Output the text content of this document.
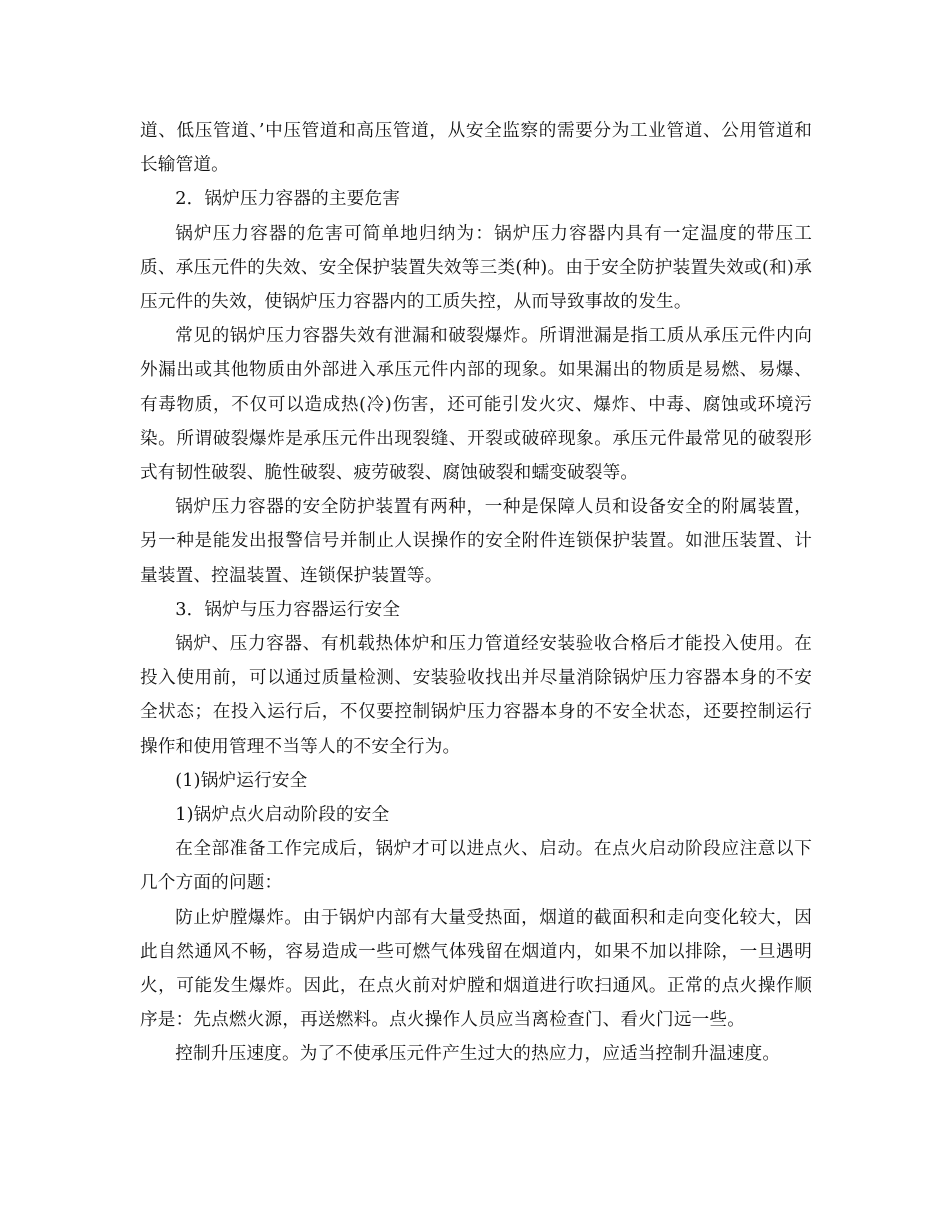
道、低压管道、’中压管道和高压管道，从安全监察的需要分为工业管道、公用管道和长输管道。

2．锅炉压力容器的主要危害

锅炉压力容器的危害可简单地归纳为：锅炉压力容器内具有一定温度的带压工质、承压元件的失效、安全保护装置失效等三类(种)。由于安全防护装置失效或(和)承压元件的失效，使锅炉压力容器内的工质失控，从而导致事故的发生。

常见的锅炉压力容器失效有泄漏和破裂爆炸。所谓泄漏是指工质从承压元件内向外漏出或其他物质由外部进入承压元件内部的现象。如果漏出的物质是易燃、易爆、有毒物质，不仅可以造成热(冷)伤害，还可能引发火灾、爆炸、中毒、腐蚀或环境污染。所谓破裂爆炸是承压元件出现裂缝、开裂或破碎现象。承压元件最常见的破裂形式有韧性破裂、脆性破裂、疲劳破裂、腐蚀破裂和蠕变破裂等。

锅炉压力容器的安全防护装置有两种，一种是保障人员和设备安全的附属装置，另一种是能发出报警信号并制止人误操作的安全附件连锁保护装置。如泄压装置、计量装置、控温装置、连锁保护装置等。

3．锅炉与压力容器运行安全

锅炉、压力容器、有机载热体炉和压力管道经安装验收合格后才能投入使用。在投入使用前，可以通过质量检测、安装验收找出并尽量消除锅炉压力容器本身的不安全状态；在投入运行后，不仅要控制锅炉压力容器本身的不安全状态，还要控制运行操作和使用管理不当等人的不安全行为。

(1)锅炉运行安全

1)锅炉点火启动阶段的安全

在全部准备工作完成后，锅炉才可以进点火、启动。在点火启动阶段应注意以下几个方面的问题：

防止炉膛爆炸。由于锅炉内部有大量受热面，烟道的截面积和走向变化较大，因此自然通风不畅，容易造成一些可燃气体残留在烟道内，如果不加以排除，一旦遇明火，可能发生爆炸。因此，在点火前对炉膛和烟道进行吹扫通风。正常的点火操作顺序是：先点燃火源，再送燃料。点火操作人员应当离检查门、看火门远一些。

控制升压速度。为了不使承压元件产生过大的热应力，应适当控制升温速度。
